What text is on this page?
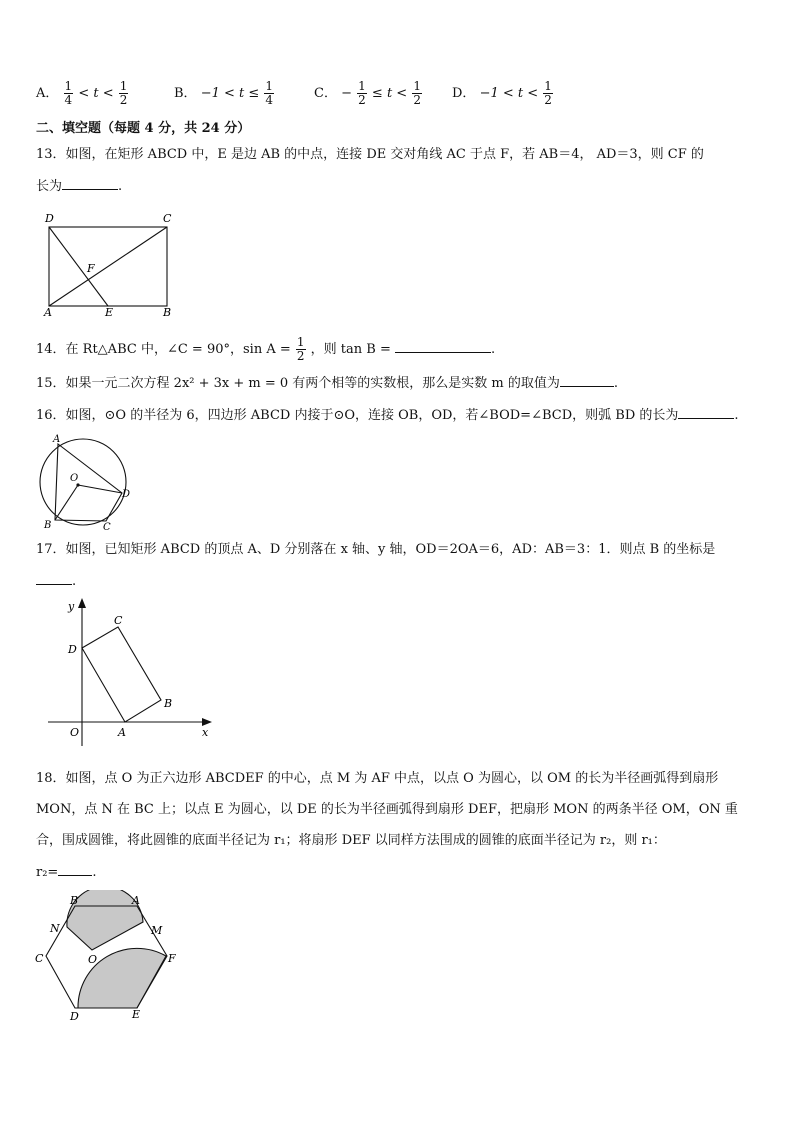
A． $\frac{1}{4} < t < \frac{1}{2}$	B． $-1 < t \le \frac{1}{4}$	C． − $\frac{1}{2} \le t < \frac{1}{2}$ D． $-1 < t < \frac{1}{2}$
二、填空题（每题 4 分，共 24 分）
13．如图，在矩形 ABCD 中，E 是边 AB 的中点，连接 DE 交对角线 AC 于点 F，若 AB＝4， AD＝3，则 CF 的
长为	.
D	C
F
A	E	B
14．在 Rt△ABC 中，∠C = 90°，$\sin A = \frac{1}{2}$ ，则 tan B =	.
15．如果一元二次方程 2x² + 3x + m = 0 有两个相等的实数根，那么是实数 m 的取值为	.
16．如图，⊙O 的半径为 6，四边形 ABCD 内接于⊙O，连接 OB，OD，若∠BOD=∠BCD，则弧 BD 的长为	.
A
O
D
B	C
17．如图，已知矩形 ABCD 的顶点 A、D 分别落在 x 轴、y 轴，OD＝2OA＝6，AD：AB＝3：1．则点 B 的坐标是
.
y
C
D
B
O	A	x
18．如图，点 O 为正六边形 ABCDEF 的中心，点 M 为 AF 中点，以点 O 为圆心，以 OM 的长为半径画弧得到扇形
MON，点 N 在 BC 上；以点 E 为圆心，以 DE 的长为半径画弧得到扇形 DEF，把扇形 MON 的两条半径 OM，ON 重
合，围成圆锥，将此圆锥的底面半径记为 r₁；将扇形 DEF 以同样方法围成的圆锥的底面半径记为 r₂，则 r₁：
r₂=	.
B	A
N	M
C	O	F
D	E
